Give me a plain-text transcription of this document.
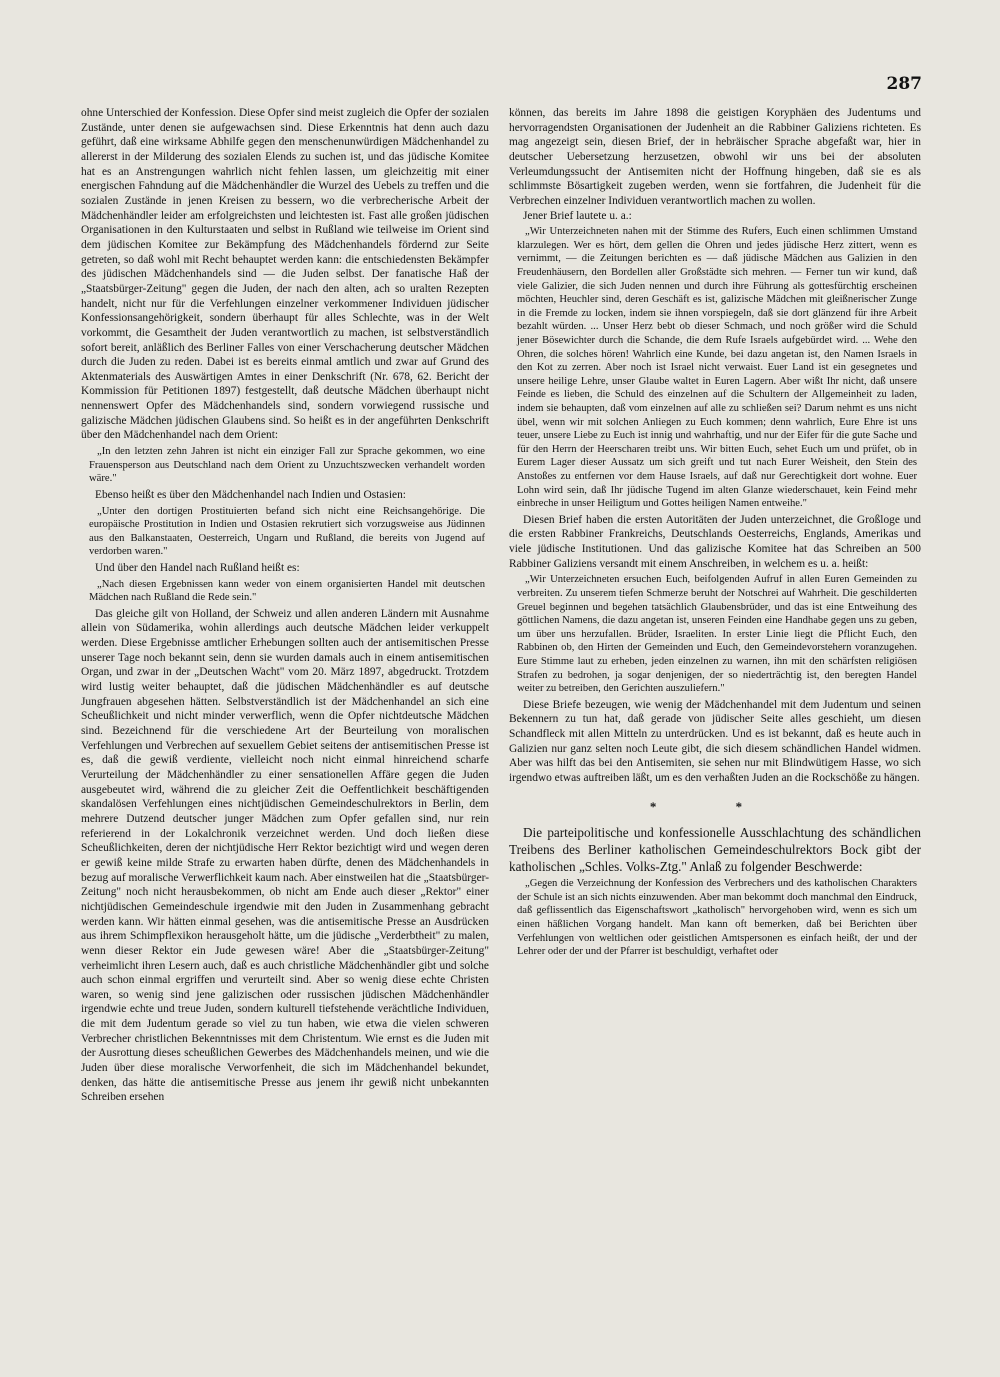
287

ohne Unterschied der Konfession. Diese Opfer sind meist zugleich die Opfer der sozialen Zustände, unter denen sie aufgewachsen sind. Diese Erkenntnis hat denn auch dazu geführt, daß eine wirksame Abhilfe gegen den menschenunwürdigen Mädchenhandel zu allererst in der Milderung des sozialen Elends zu suchen ist, und das jüdische Komitee hat es an Anstrengungen wahrlich nicht fehlen lassen, um gleichzeitig mit einer energischen Fahndung auf die Mädchenhändler die Wurzel des Uebels zu treffen und die sozialen Zustände in jenen Kreisen zu bessern, wo die verbrecherische Arbeit der Mädchenhändler leider am erfolgreichsten und leichtesten ist. Fast alle großen jüdischen Organisationen in den Kulturstaaten und selbst in Rußland wie teilweise im Orient sind dem jüdischen Komitee zur Bekämpfung des Mädchenhandels fördernd zur Seite getreten, so daß wohl mit Recht behauptet werden kann: die entschiedensten Bekämpfer des jüdischen Mädchenhandels sind — die Juden selbst. Der fanatische Haß der „Staatsbürger-Zeitung" gegen die Juden, der nach den alten, ach so uralten Rezepten handelt, nicht nur für die Verfehlungen einzelner verkommener Individuen jüdischer Konfessionsangehörigkeit, sondern überhaupt für alles Schlechte, was in der Welt vorkommt, die Gesamtheit der Juden verantwortlich zu machen, ist selbstverständlich sofort bereit, anläßlich des Berliner Falles von einer Verschacherung deutscher Mädchen durch die Juden zu reden. Dabei ist es bereits einmal amtlich und zwar auf Grund des Aktenmaterials des Auswärtigen Amtes in einer Denkschrift (Nr. 678, 62. Bericht der Kommission für Petitionen 1897) festgestellt, daß deutsche Mädchen überhaupt nicht nennenswert Opfer des Mädchenhandels sind, sondern vorwiegend russische und galizische Mädchen jüdischen Glaubens sind. So heißt es in der angeführten Denkschrift über den Mädchenhandel nach dem Orient:

„In den letzten zehn Jahren ist nicht ein einziger Fall zur Sprache gekommen, wo eine Frauensperson aus Deutschland nach dem Orient zu Unzuchtszwecken verhandelt worden wäre."

Ebenso heißt es über den Mädchenhandel nach Indien und Ostasien:

„Unter den dortigen Prostituierten befand sich nicht eine Reichsangehörige. Die europäische Prostitution in Indien und Ostasien rekrutiert sich vorzugsweise aus Jüdinnen aus den Balkanstaaten, Oesterreich, Ungarn und Rußland, die bereits von Jugend auf verdorben waren."

Und über den Handel nach Rußland heißt es:

„Nach diesen Ergebnissen kann weder von einem organisierten Handel mit deutschen Mädchen nach Rußland die Rede sein."

Das gleiche gilt von Holland, der Schweiz und allen anderen Ländern mit Ausnahme allein von Südamerika, wohin allerdings auch deutsche Mädchen leider verkuppelt werden. Diese Ergebnisse amtlicher Erhebungen sollten auch der antisemitischen Presse unserer Tage noch bekannt sein, denn sie wurden damals auch in einem antisemitischen Organ, und zwar in der „Deutschen Wacht" vom 20. März 1897, abgedruckt. Trotzdem wird lustig weiter behauptet, daß die jüdischen Mädchenhändler es auf deutsche Jungfrauen abgesehen hätten. Selbstverständlich ist der Mädchenhandel an sich eine Scheußlichkeit und nicht minder verwerflich, wenn die Opfer nichtdeutsche Mädchen sind. Bezeichnend für die verschiedene Art der Beurteilung von moralischen Verfehlungen und Verbrechen auf sexuellem Gebiet seitens der antisemitischen Presse ist es, daß die gewiß verdiente, vielleicht noch nicht einmal hinreichend scharfe Verurteilung der Mädchenhändler zu einer sensationellen Affäre gegen die Juden ausgebeutet wird, während die zu gleicher Zeit die Oeffentlichkeit beschäftigenden skandalösen Verfehlungen eines nichtjüdischen Gemeindeschulrektors in Berlin, dem mehrere Dutzend deutscher junger Mädchen zum Opfer gefallen sind, nur rein referierend in der Lokalchronik verzeichnet werden. Und doch ließen diese Scheußlichkeiten, deren der nichtjüdische Herr Rektor bezichtigt wird und wegen deren er gewiß keine milde Strafe zu erwarten haben dürfte, denen des Mädchenhandels in bezug auf moralische Verwerflichkeit kaum nach. Aber einstweilen hat die „Staatsbürger-Zeitung" noch nicht herausbekommen, ob nicht am Ende auch dieser „Rektor" einer nichtjüdischen Gemeindeschule irgendwie mit den Juden in Zusammenhang gebracht werden kann. Wir hätten einmal gesehen, was die antisemitische Presse an Ausdrücken aus ihrem Schimpflexikon herausgeholt hätte, um die jüdische „Verderbtheit" zu malen, wenn dieser Rektor ein Jude gewesen wäre! Aber die „Staatsbürger-Zeitung" verheimlicht ihren Lesern auch, daß es auch christliche Mädchenhändler gibt und solche auch schon einmal ergriffen und verurteilt sind. Aber so wenig diese echte Christen waren, so wenig sind jene galizischen oder russischen jüdischen Mädchenhändler irgendwie echte und treue Juden, sondern kulturell tiefstehende verächtliche Individuen, die mit dem Judentum gerade so viel zu tun haben, wie etwa die vielen schweren Verbrecher christlichen Bekenntnisses mit dem Christentum. Wie ernst es die Juden mit der Ausrottung dieses scheußlichen Gewerbes des Mädchenhandels meinen, und wie die Juden über diese moralische Verworfenheit, die sich im Mädchenhandel bekundet, denken, das hätte die antisemitische Presse aus jenem ihr gewiß nicht unbekannten Schreiben ersehen

können, das bereits im Jahre 1898 die geistigen Koryphäen des Judentums und hervorragendsten Organisationen der Judenheit an die Rabbiner Galiziens richteten. Es mag angezeigt sein, diesen Brief, der in hebräischer Sprache abgefaßt war, hier in deutscher Uebersetzung herzusetzen, obwohl wir uns bei der absoluten Verleumdungssucht der Antisemiten nicht der Hoffnung hingeben, daß sie es als schlimmste Bösartigkeit zugeben werden, wenn sie fortfahren, die Judenheit für die Verbrechen einzelner Individuen verantwortlich machen zu wollen.

Jener Brief lautete u. a.:

„Wir Unterzeichneten nahen mit der Stimme des Rufers, Euch einen schlimmen Umstand klarzulegen. Wer es hört, dem gellen die Ohren und jedes jüdische Herz zittert, wenn es vernimmt, — die Zeitungen berichten es — daß jüdische Mädchen aus Galizien in den Freudenhäusern, den Bordellen aller Großstädte sich mehren. — Ferner tun wir kund, daß viele Galizier, die sich Juden nennen und durch ihre Führung als gottesfürchtig erscheinen möchten, Heuchler sind, deren Geschäft es ist, galizische Mädchen mit gleißnerischer Zunge in die Fremde zu locken, indem sie ihnen vorspiegeln, daß sie dort glänzend für ihre Arbeit bezahlt würden. ... Unser Herz bebt ob dieser Schmach, und noch größer wird die Schuld jener Bösewichter durch die Schande, die dem Rufe Israels aufgebürdet wird. ... Wehe den Ohren, die solches hören! Wahrlich eine Kunde, bei dazu angetan ist, den Namen Israels in den Kot zu zerren. Aber noch ist Israel nicht verwaist. Euer Land ist ein gesegnetes und unsere heilige Lehre, unser Glaube waltet in Euren Lagern. Aber wißt Ihr nicht, daß unsere Feinde es lieben, die Schuld des einzelnen auf die Schultern der Allgemeinheit zu laden, indem sie behaupten, daß vom einzelnen auf alle zu schließen sei? Darum nehmt es uns nicht übel, wenn wir mit solchen Anliegen zu Euch kommen; denn wahrlich, Eure Ehre ist uns teuer, unsere Liebe zu Euch ist innig und wahrhaftig, und nur der Eifer für die gute Sache und für den Herrn der Heerscharen treibt uns. Wir bitten Euch, sehet Euch um und prüfet, ob in Eurem Lager dieser Aussatz um sich greift und tut nach Eurer Weisheit, den Stein des Anstoßes zu entfernen vor dem Hause Israels, auf daß nur Gerechtigkeit dort wohne. Euer Lohn wird sein, daß Ihr jüdische Tugend im alten Glanze wiederschauet, kein Feind mehr einbreche in unser Heiligtum und Gottes heiligen Namen entweihe."

Diesen Brief haben die ersten Autoritäten der Juden unterzeichnet, die Großloge und die ersten Rabbiner Frankreichs, Deutschlands Oesterreichs, Englands, Amerikas und viele jüdische Institutionen. Und das galizische Komitee hat das Schreiben an 500 Rabbiner Galiziens versandt mit einem Anschreiben, in welchem es u. a. heißt:

„Wir Unterzeichneten ersuchen Euch, beifolgenden Aufruf in allen Euren Gemeinden zu verbreiten. Zu unserem tiefen Schmerze beruht der Notschrei auf Wahrheit. Die geschilderten Greuel beginnen und begehen tatsächlich Glaubensbrüder, und das ist eine Entweihung des göttlichen Namens, die dazu angetan ist, unseren Feinden eine Handhabe gegen uns zu geben, um über uns herzufallen. Brüder, Israeliten. In erster Linie liegt die Pflicht Euch, den Rabbinen ob, den Hirten der Gemeinden und Euch, den Gemeindevorstehern voranzugehen. Eure Stimme laut zu erheben, jeden einzelnen zu warnen, ihn mit den schärfsten religiösen Strafen zu bedrohen, ja sogar denjenigen, der so niederträchtig ist, den beregten Handel weiter zu betreiben, den Gerichten auszuliefern."

Diese Briefe bezeugen, wie wenig der Mädchenhandel mit dem Judentum und seinen Bekennern zu tun hat, daß gerade von jüdischer Seite alles geschieht, um diesen Schandfleck mit allen Mitteln zu unterdrücken. Und es ist bekannt, daß es heute auch in Galizien nur ganz selten noch Leute gibt, die sich diesem schändlichen Handel widmen. Aber was hilft das bei den Antisemiten, sie sehen nur mit Blindwütigem Hasse, wo sich irgendwo etwas auftreiben läßt, um es den verhaßten Juden an die Rockschöße zu hängen.

* *

Die parteipolitische und konfessionelle Ausschlachtung des schändlichen Treibens des Berliner katholischen Gemeindeschulrektors Bock gibt der katholischen „Schles. Volks-Ztg." Anlaß zu folgender Beschwerde:

„Gegen die Verzeichnung der Konfession des Verbrechers und des katholischen Charakters der Schule ist an sich nichts einzuwenden. Aber man bekommt doch manchmal den Eindruck, daß geflissentlich das Eigenschaftswort „katholisch" hervorgehoben wird, wenn es sich um einen häßlichen Vorgang handelt. Man kann oft bemerken, daß bei Berichten über Verfehlungen von weltlichen oder geistlichen Amtspersonen es einfach heißt, der und der Lehrer oder der und der Pfarrer ist beschuldigt, verhaftet oder
